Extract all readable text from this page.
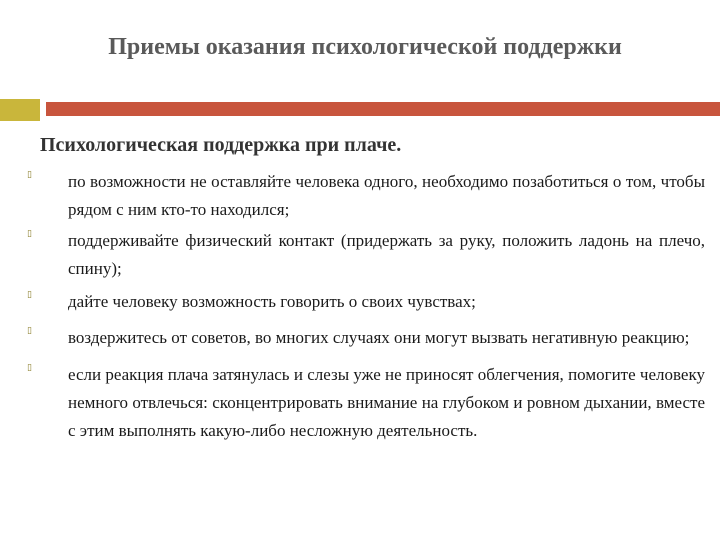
Приемы оказания психологической поддержки
Психологическая поддержка при плаче.
▯	по возможности не оставляйте человека одного, необходимо позаботиться о том, чтобы рядом с ним кто-то находился;
▯	поддерживайте физический контакт (придержать за руку, положить ладонь на плечо, спину);
▯	дайте человеку возможность говорить о своих чувствах;
▯	воздержитесь от советов, во многих случаях они могут вызвать негативную реакцию;
▯	если реакция плача затянулась и слезы уже не приносят облегчения, помогите человеку немного отвлечься: сконцентрировать внимание на глубоком и ровном дыхании, вместе с этим выполнять какую-либо несложную деятельность.
